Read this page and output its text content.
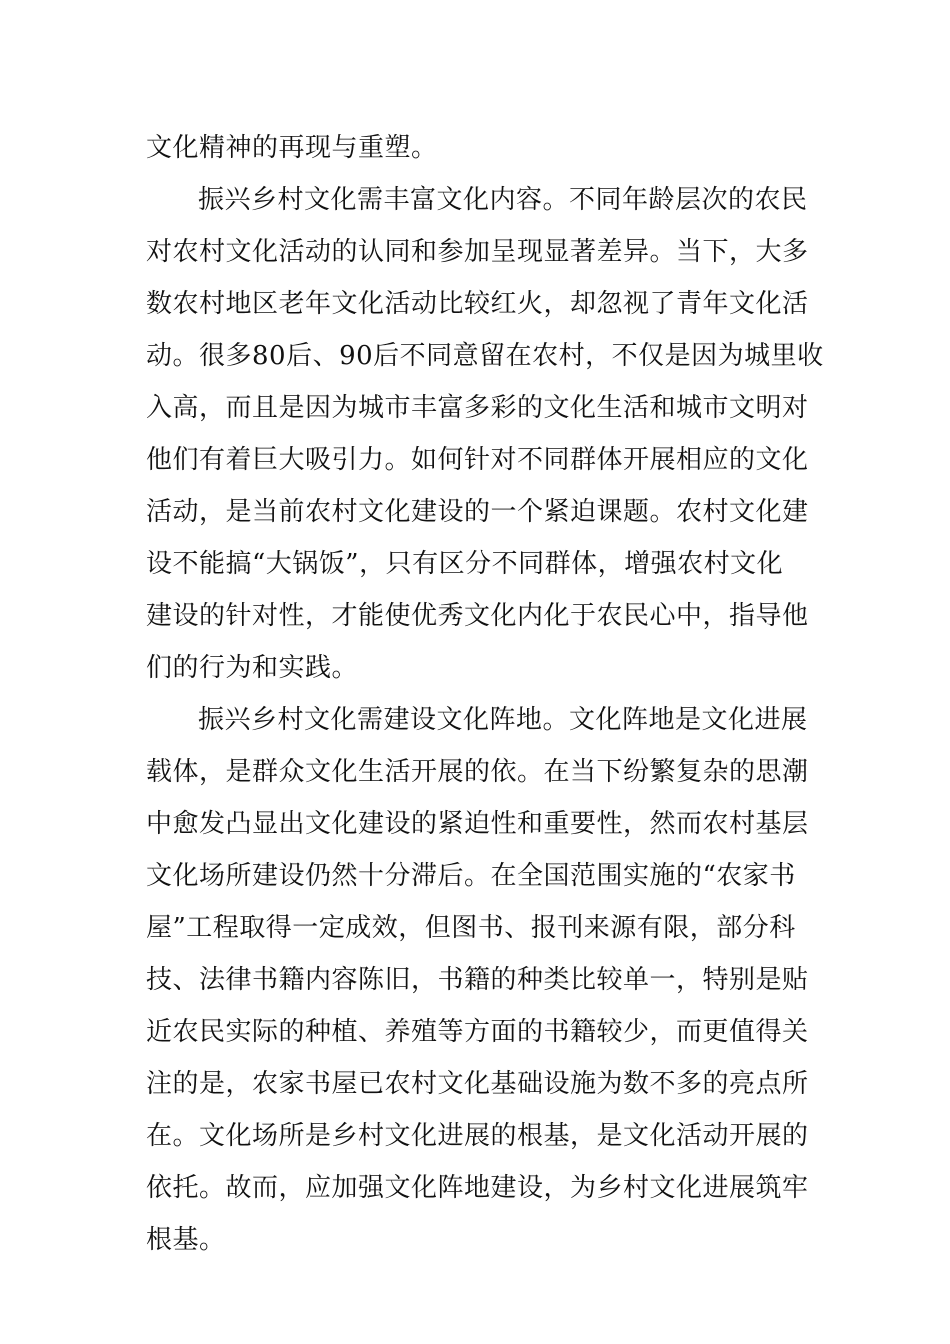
文化精神的再现与重塑。
振兴乡村文化需丰富文化内容。不同年龄层次的农民
对农村文化活动的认同和参加呈现显著差异。当下，大多
数农村地区老年文化活动比较红火，却忽视了青年文化活
动。很多80后、90后不同意留在农村，不仅是因为城里收
入高，而且是因为城市丰富多彩的文化生活和城市文明对
他们有着巨大吸引力。如何针对不同群体开展相应的文化
活动，是当前农村文化建设的一个紧迫课题。农村文化建
设不能搞“大锅饭”，只有区分不同群体，增强农村文化
建设的针对性，才能使优秀文化内化于农民心中，指导他
们的行为和实践。
振兴乡村文化需建设文化阵地。文化阵地是文化进展
载体，是群众文化生活开展的依。在当下纷繁复杂的思潮
中愈发凸显出文化建设的紧迫性和重要性，然而农村基层
文化场所建设仍然十分滞后。在全国范围实施的“农家书
屋”工程取得一定成效，但图书、报刊来源有限，部分科
技、法律书籍内容陈旧，书籍的种类比较单一，特别是贴
近农民实际的种植、养殖等方面的书籍较少，而更值得关
注的是，农家书屋已农村文化基础设施为数不多的亮点所
在。文化场所是乡村文化进展的根基，是文化活动开展的
依托。故而，应加强文化阵地建设，为乡村文化进展筑牢
根基。
